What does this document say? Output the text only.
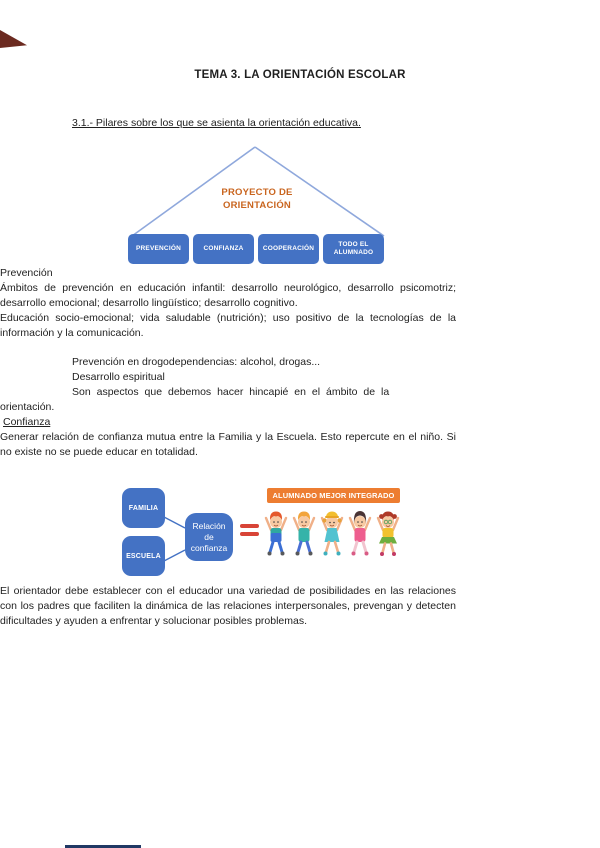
TEMA 3. LA ORIENTACIÓN ESCOLAR
3.1.- Pilares sobre los que se asienta la orientación educativa.
PROYECTO DE
ORIENTACIÓN
PREVENCIÓN	CONFIANZA	COOPERACIÓN
TODO EL ALUMNADO

Prevención

Ámbitos de prevención en educación infantil: desarrollo neurológico, desarrollo psicomotriz; desarrollo emocional; desarrollo lingüístico; desarrollo cognitivo.

Educación socio-emocional; vida saludable (nutrición); uso positivo de la tecnologías de la información y la comunicación.

Prevención en drogodependencias: alcohol, drogas...
Desarrollo espiritual
Son aspectos que debemos hacer hincapié en el ámbito de la

orientación.

Confianza

Generar relación de confianza mutua entre la Familia y la Escuela. Esto repercute en el niño. Si no existe no se puede educar en totalidad.

FAMILIA
ESCUELA
Relación
de
confianza
ALUMNADO MEJOR INTEGRADO

El orientador debe establecer con el educador una variedad de posibilidades en las relaciones con los padres que faciliten la dinámica de las relaciones interpersonales, prevengan y detecten dificultades y ayuden a enfrentar y solucionar posibles problemas.
